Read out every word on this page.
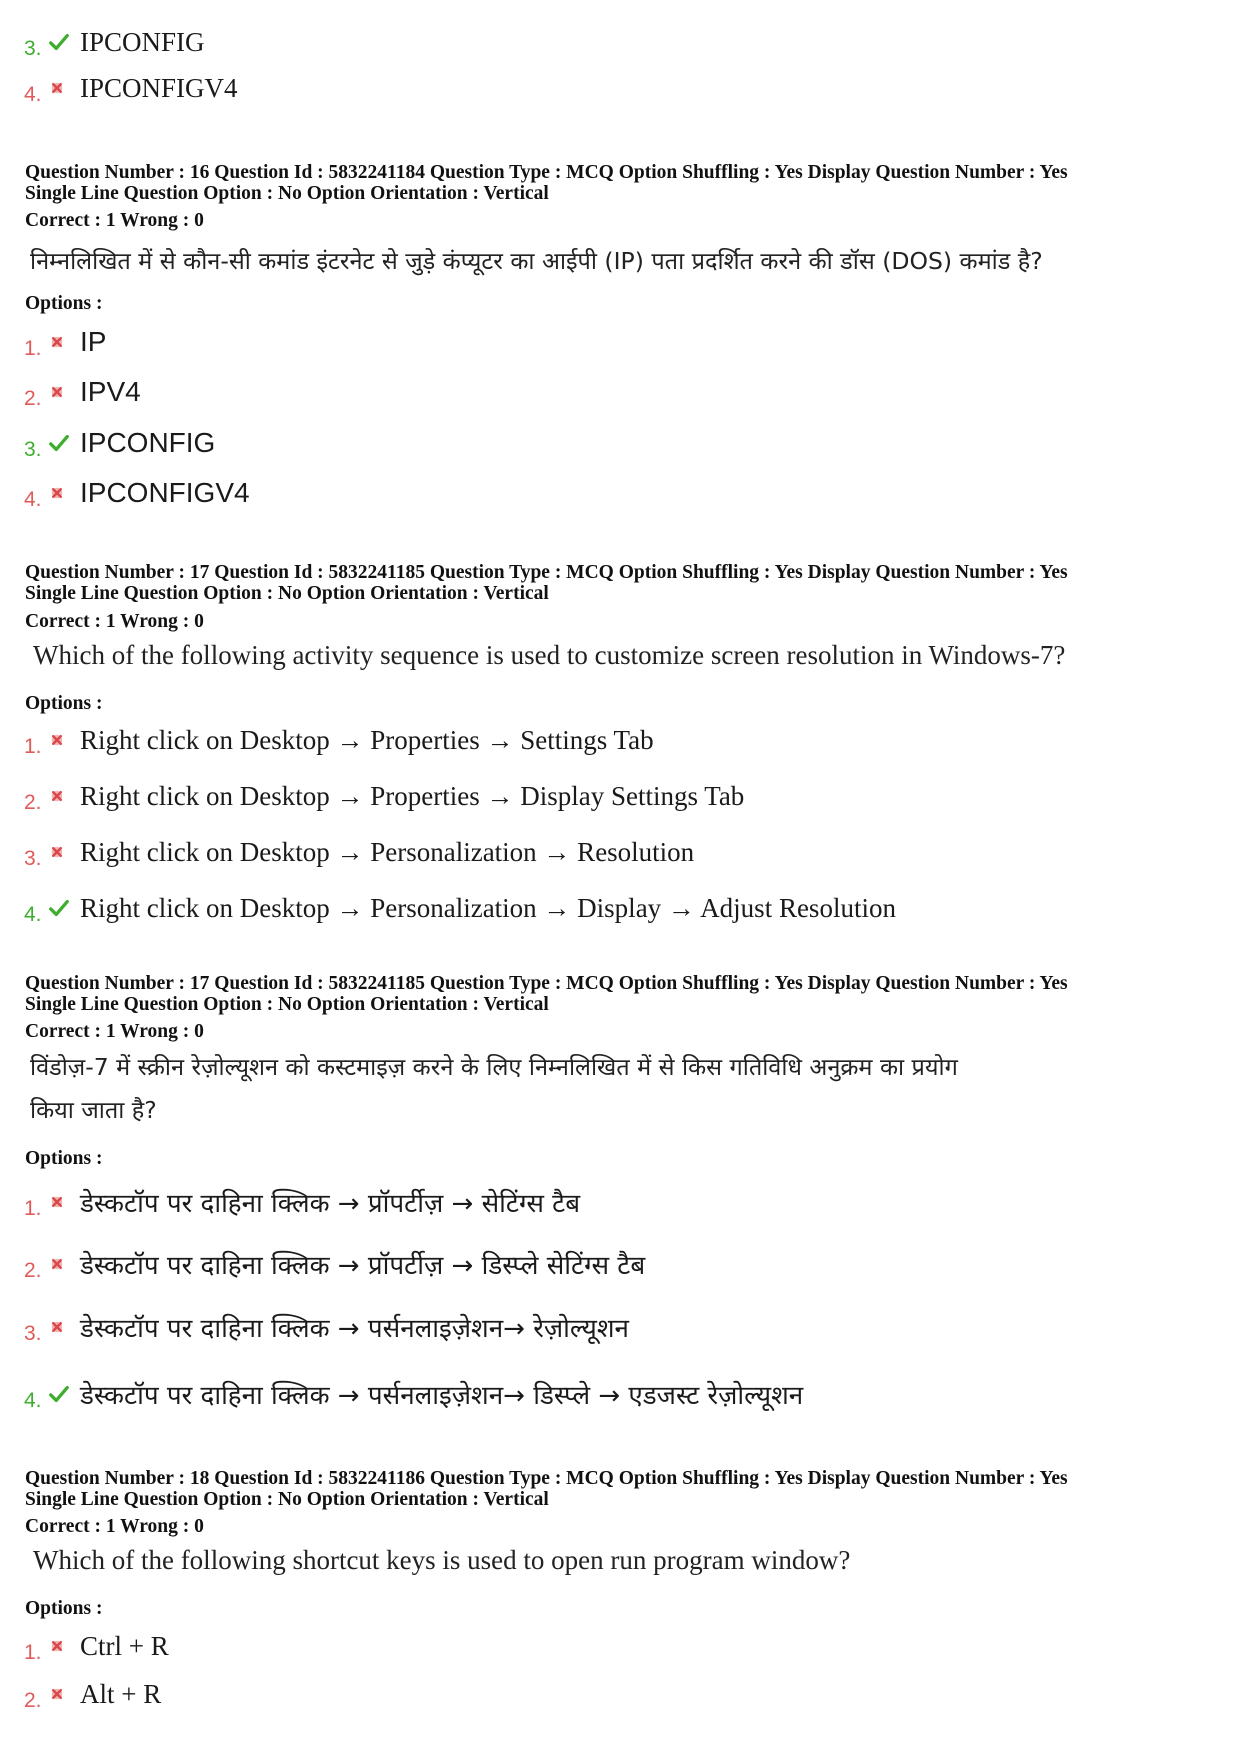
3. IPCONFIG
4. IPCONFIGV4
Question Number : 16 Question Id : 5832241184 Question Type : MCQ Option Shuffling : Yes Display Question Number : Yes
Single Line Question Option : No Option Orientation : Vertical
Correct : 1 Wrong : 0
निम्नलिखित में से कौन-सी कमांड इंटरनेट से जुड़े कंप्यूटर का आईपी (IP) पता प्रदर्शित करने की डॉस (DOS) कमांड है?
Options :
1. IP
2. IPV4
3. IPCONFIG
4. IPCONFIGV4
Question Number : 17 Question Id : 5832241185 Question Type : MCQ Option Shuffling : Yes Display Question Number : Yes
Single Line Question Option : No Option Orientation : Vertical
Correct : 1 Wrong : 0
Which of the following activity sequence is used to customize screen resolution in Windows-7?
Options :
1. Right click on Desktop → Properties → Settings Tab
2. Right click on Desktop → Properties → Display Settings Tab
3. Right click on Desktop → Personalization → Resolution
4. Right click on Desktop → Personalization → Display → Adjust Resolution
Question Number : 17 Question Id : 5832241185 Question Type : MCQ Option Shuffling : Yes Display Question Number : Yes
Single Line Question Option : No Option Orientation : Vertical
Correct : 1 Wrong : 0
विंडोज़-7 में स्क्रीन रेज़ोल्यूशन को कस्टमाइज़ करने के लिए निम्नलिखित में से किस गतिविधि अनुक्रम का प्रयोग
किया जाता है?
Options :
1. डेस्कटॉप पर दाहिना क्लिक → प्रॉपर्टीज़ → सेटिंग्स टैब
2. डेस्कटॉप पर दाहिना क्लिक → प्रॉपर्टीज़ → डिस्प्ले सेटिंग्स टैब
3. डेस्कटॉप पर दाहिना क्लिक → पर्सनलाइज़ेशन→ रेज़ोल्यूशन
4. डेस्कटॉप पर दाहिना क्लिक → पर्सनलाइज़ेशन→ डिस्प्ले → एडजस्ट रेज़ोल्यूशन
Question Number : 18 Question Id : 5832241186 Question Type : MCQ Option Shuffling : Yes Display Question Number : Yes
Single Line Question Option : No Option Orientation : Vertical
Correct : 1 Wrong : 0
Which of the following shortcut keys is used to open run program window?
Options :
1. Ctrl + R
2. Alt + R
